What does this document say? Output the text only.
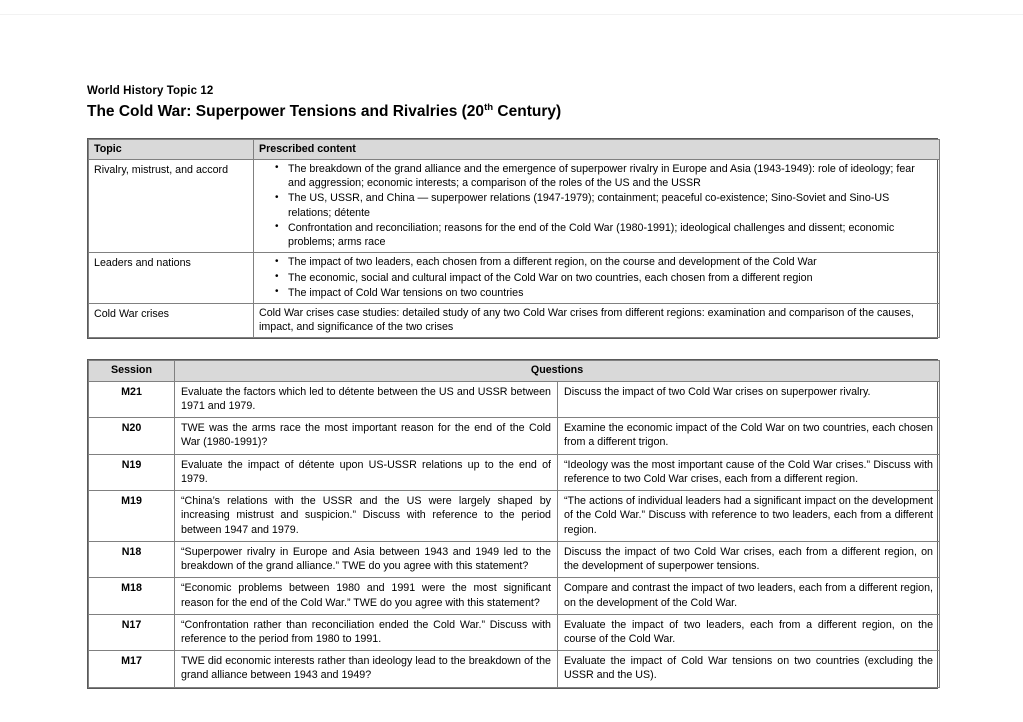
World History Topic 12
The Cold War: Superpower Tensions and Rivalries (20th Century)
Topic	Prescribed content
Rivalry, mistrust, and accord	
•The breakdown of the grand alliance and the emergence of superpower rivalry in Europe and Asia (1943-1949): role of ideology; fear and aggression; economic interests; a comparison of the roles of the US and the USSR
• The US, USSR, and China — superpower relations (1947-1979); containment; peaceful co-existence; Sino-Soviet and Sino-US relations; détente
• Confrontation and reconciliation; reasons for the end of the Cold War (1980-1991); ideological challenges and dissent; economic problems; arms race

Leaders and nations	
•The impact of two leaders, each chosen from a different region, on the course and development of the Cold War
• The economic, social and cultural impact of the Cold War on two countries, each chosen from a different region
• The impact of Cold War tensions on two countries

Cold War crises	Cold War crises case studies: detailed study of any two Cold War crises from different regions: examination and comparison of the causes, impact, and significance of the two crises

Session	Questions	
M21	Evaluate the factors which led to détente between the US and USSR between 1971 and 1979.	Discuss the impact of two Cold War crises on superpower rivalry.
N20	TWE was the arms race the most important reason for the end of the Cold War (1980-1991)?	Examine the economic impact of the Cold War on two countries, each chosen from a different trigon.
N19	Evaluate the impact of détente upon US-USSR relations up to the end of 1979.	“Ideology was the most important cause of the Cold War crises.” Discuss with reference to two Cold War crises, each from a different region.
M19	“China’s relations with the USSR and the US were largely shaped by increasing mistrust and suspicion.” Discuss with reference to the period between 1947 and 1979.	“The actions of individual leaders had a significant impact on the development of the Cold War.” Discuss with reference to two leaders, each from a different region.
N18	“Superpower rivalry in Europe and Asia between 1943 and 1949 led to the breakdown of the grand alliance.” TWE do you agree with this statement?	Discuss the impact of two Cold War crises, each from a different region, on the development of superpower tensions.
M18	“Economic problems between 1980 and 1991 were the most significant reason for the end of the Cold War.” TWE do you agree with this statement?	Compare and contrast the impact of two leaders, each from a different region, on the development of the Cold War.
N17	“Confrontation rather than reconciliation ended the Cold War.” Discuss with reference to the period from 1980 to 1991.	Evaluate the impact of two leaders, each from a different region, on the course of the Cold War.
M17	TWE did economic interests rather than ideology lead to the breakdown of the grand alliance between 1943 and 1949?	Evaluate the impact of Cold War tensions on two countries (excluding the USSR and the US).
